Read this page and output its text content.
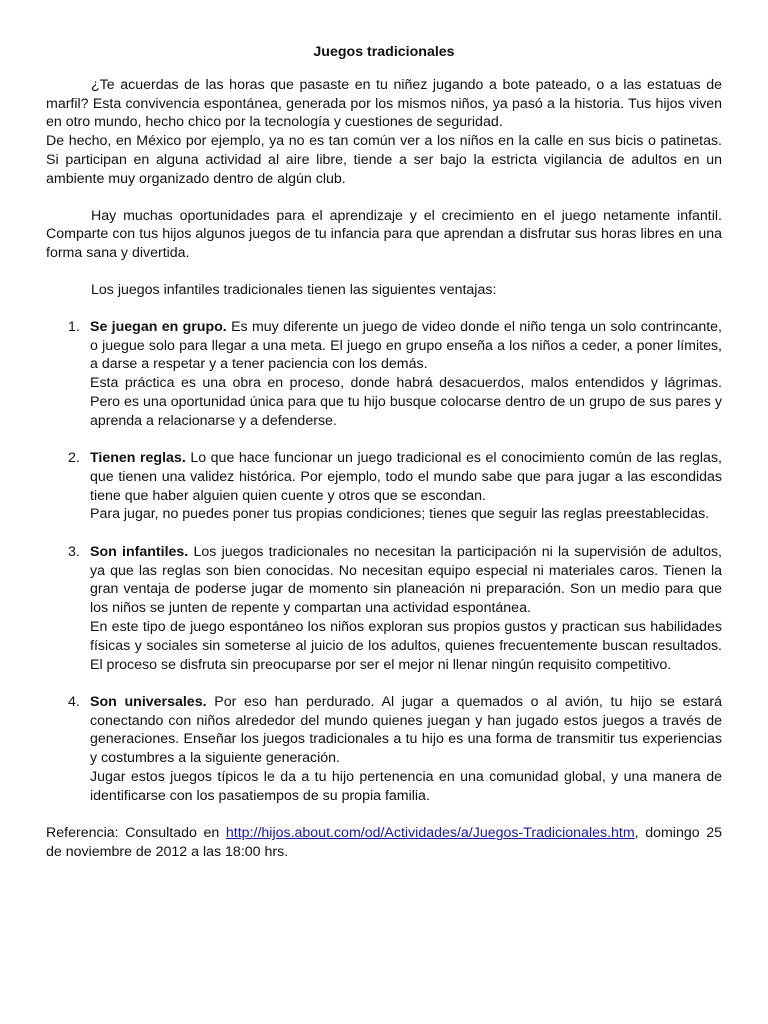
Juegos tradicionales

¿Te acuerdas de las horas que pasaste en tu niñez jugando a bote pateado, o a las estatuas de marfil? Esta convivencia espontánea, generada por los mismos niños, ya pasó a la historia. Tus hijos viven en otro mundo, hecho chico por la tecnología y cuestiones de seguridad.

De hecho, en México por ejemplo, ya no es tan común ver a los niños en la calle en sus bicis o patinetas. Si participan en alguna actividad al aire libre, tiende a ser bajo la estricta vigilancia de adultos en un ambiente muy organizado dentro de algún club.

Hay muchas oportunidades para el aprendizaje y el crecimiento en el juego netamente infantil. Comparte con tus hijos algunos juegos de tu infancia para que aprendan a disfrutar sus horas libres en una forma sana y divertida.

Los juegos infantiles tradicionales tienen las siguientes ventajas:

1. Se juegan en grupo. Es muy diferente un juego de video donde el niño tenga un solo contrincante, o juegue solo para llegar a una meta. El juego en grupo enseña a los niños a ceder, a poner límites, a darse a respetar y a tener paciencia con los demás.

Esta práctica es una obra en proceso, donde habrá desacuerdos, malos entendidos y lágrimas. Pero es una oportunidad única para que tu hijo busque colocarse dentro de un grupo de sus pares y aprenda a relacionarse y a defenderse.

2. Tienen reglas. Lo que hace funcionar un juego tradicional es el conocimiento común de las reglas, que tienen una validez histórica. Por ejemplo, todo el mundo sabe que para jugar a las escondidas tiene que haber alguien quien cuente y otros que se escondan.

Para jugar, no puedes poner tus propias condiciones; tienes que seguir las reglas preestablecidas.

3. Son infantiles. Los juegos tradicionales no necesitan la participación ni la supervisión de adultos, ya que las reglas son bien conocidas. No necesitan equipo especial ni materiales caros. Tienen la gran ventaja de poderse jugar de momento sin planeación ni preparación. Son un medio para que los niños se junten de repente y compartan una actividad espontánea.

En este tipo de juego espontáneo los niños exploran sus propios gustos y practican sus habilidades físicas y sociales sin someterse al juicio de los adultos, quienes frecuentemente buscan resultados. El proceso se disfruta sin preocuparse por ser el mejor ni llenar ningún requisito competitivo.

4. Son universales. Por eso han perdurado. Al jugar a quemados o al avión, tu hijo se estará conectando con niños alrededor del mundo quienes juegan y han jugado estos juegos a través de generaciones. Enseñar los juegos tradicionales a tu hijo es una forma de transmitir tus experiencias y costumbres a la siguiente generación.

Jugar estos juegos típicos le da a tu hijo pertenencia en una comunidad global, y una manera de identificarse con los pasatiempos de su propia familia.

Referencia: Consultado en http://hijos.about.com/od/Actividades/a/Juegos-Tradicionales.htm, domingo 25 de noviembre de 2012 a las 18:00 hrs.
